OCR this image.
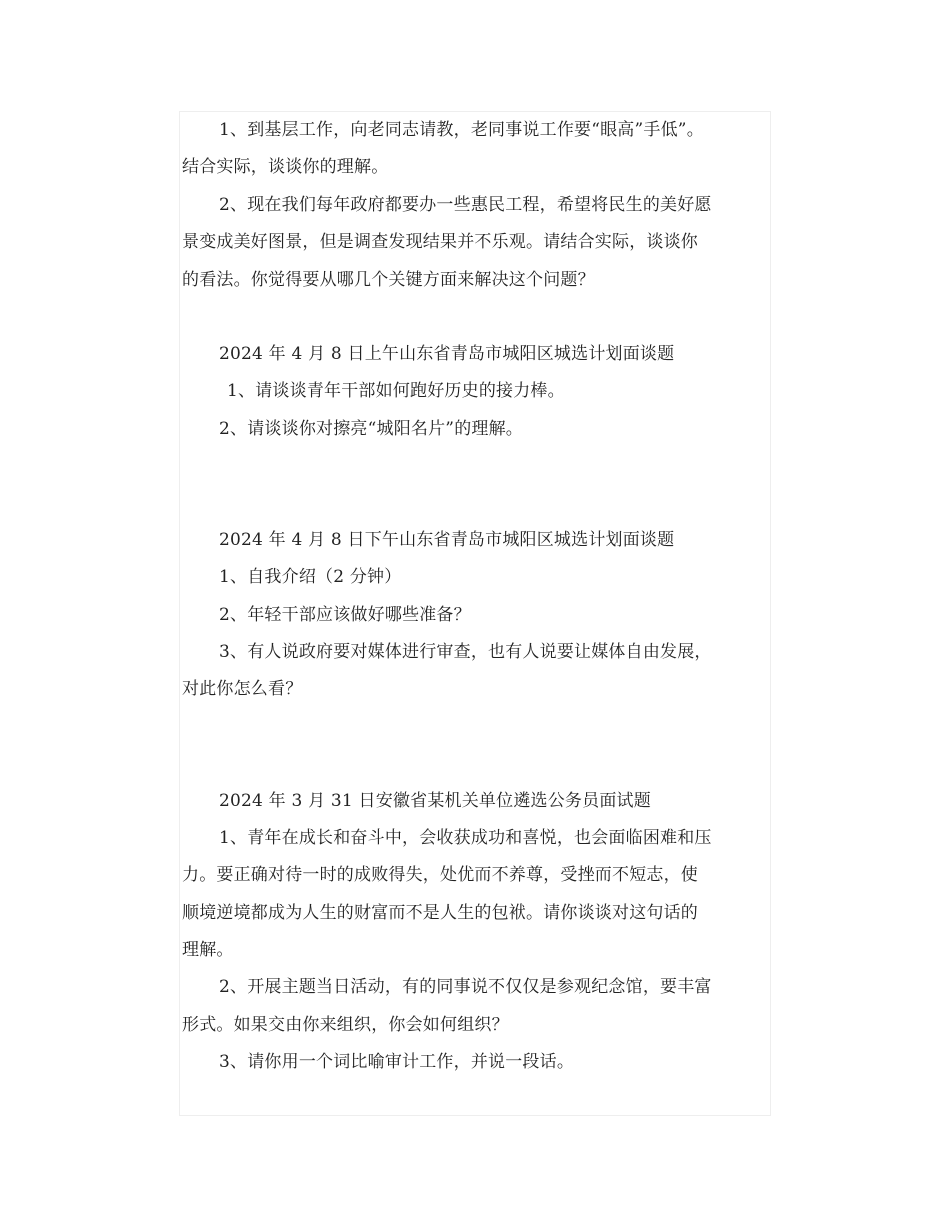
1、到基层工作，向老同志请教，老同事说工作要“眼高”手低”。
结合实际，谈谈你的理解。
2、现在我们每年政府都要办一些惠民工程，希望将民生的美好愿
景变成美好图景，但是调查发现结果并不乐观。请结合实际，谈谈你
的看法。你觉得要从哪几个关键方面来解决这个问题？
2024 年 4 月 8 日上午山东省青岛市城阳区城选计划面谈题
1、请谈谈青年干部如何跑好历史的接力棒。
2、请谈谈你对擦亮“城阳名片”的理解。
2024 年 4 月 8 日下午山东省青岛市城阳区城选计划面谈题
1、自我介绍（2 分钟）
2、年轻干部应该做好哪些准备？
3、有人说政府要对媒体进行审查，也有人说要让媒体自由发展，
对此你怎么看？
2024 年 3 月 31 日安徽省某机关单位遴选公务员面试题
1、青年在成长和奋斗中，会收获成功和喜悦，也会面临困难和压
力。要正确对待一时的成败得失，处优而不养尊，受挫而不短志，使
顺境逆境都成为人生的财富而不是人生的包袱。请你谈谈对这句话的
理解。
2、开展主题当日活动，有的同事说不仅仅是参观纪念馆，要丰富
形式。如果交由你来组织，你会如何组织？
3、请你用一个词比喻审计工作，并说一段话。
